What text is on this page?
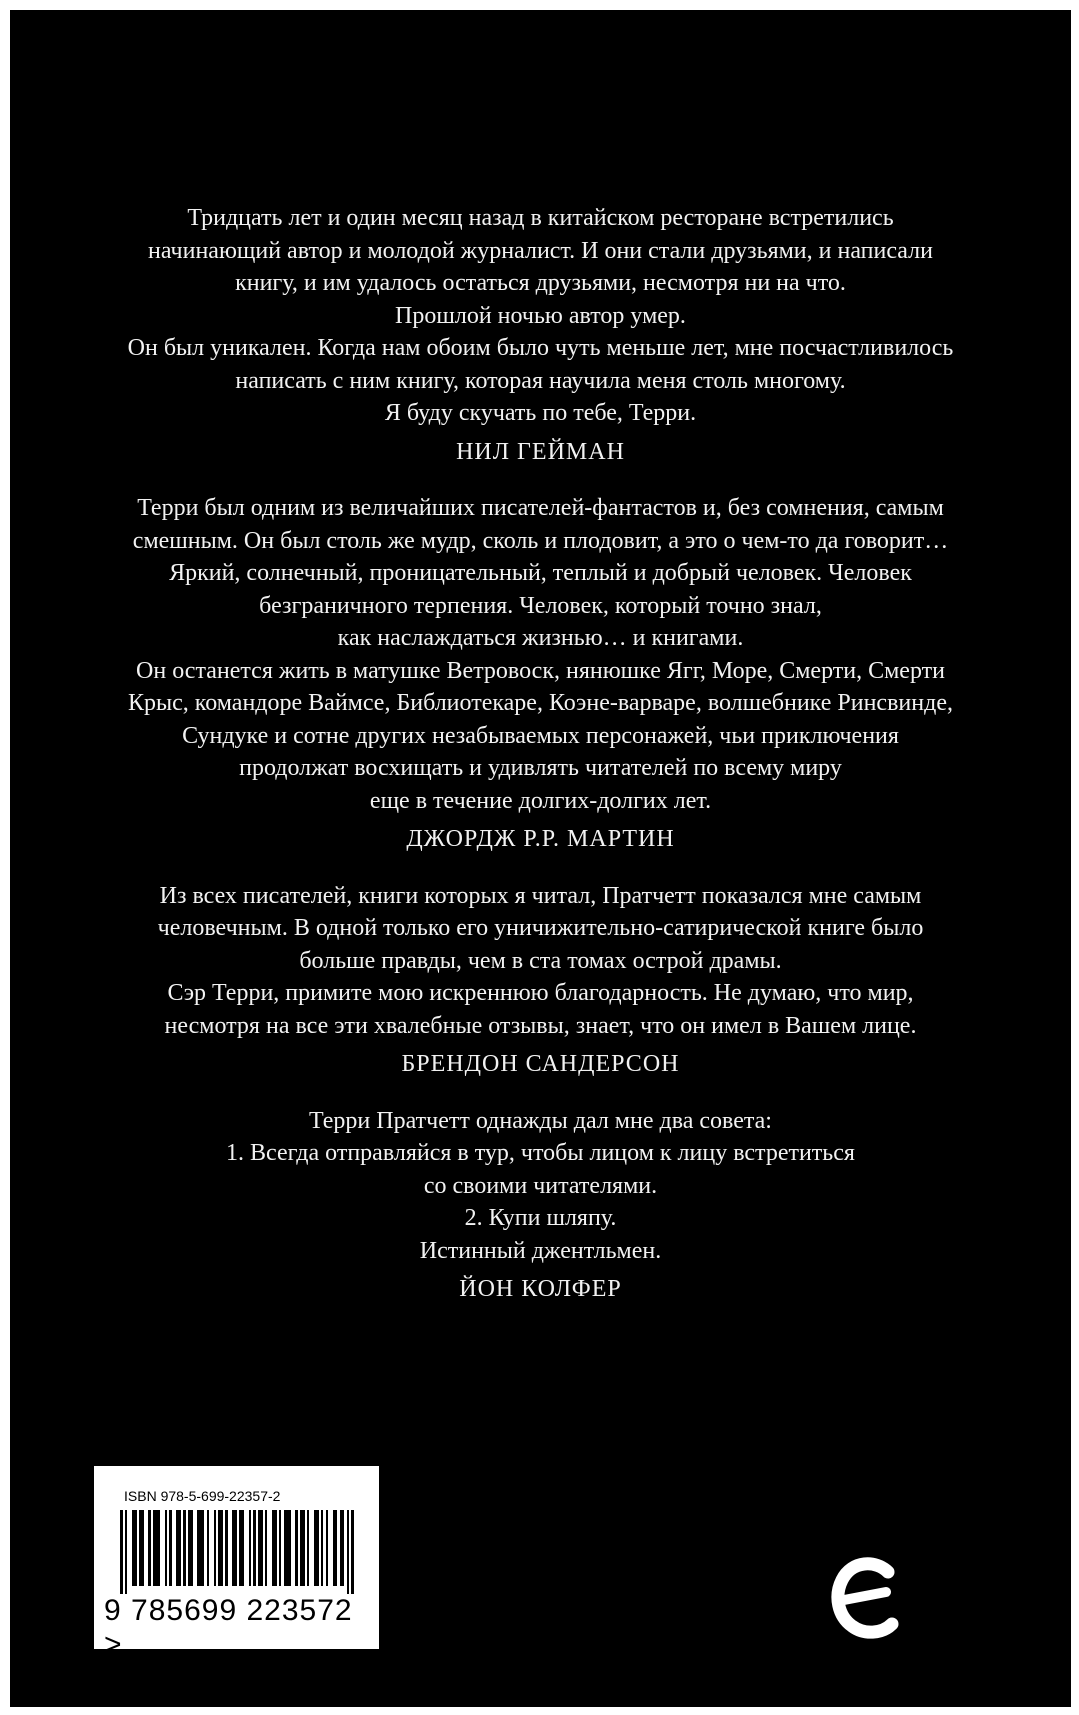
Тридцать лет и один месяц назад в китайском ресторане встретились

начинающий автор и молодой журналист. И они стали друзьями, и написали

книгу, и им удалось остаться друзьями, несмотря ни на что.

Прошлой ночью автор умер.

Он был уникален. Когда нам обоим было чуть меньше лет, мне посчастливилось

написать с ним книгу, которая научила меня столь многому.

Я буду скучать по тебе, Терри.

НИЛ ГЕЙМАН

Терри был одним из величайших писателей-фантастов и, без сомнения, самым

смешным. Он был столь же мудр, сколь и плодовит, а это о чем-то да говорит…

Яркий, солнечный, проницательный, теплый и добрый человек. Человек

безграничного терпения. Человек, который точно знал,

как наслаждаться жизнью… и книгами.

Он останется жить в матушке Ветровоск, нянюшке Ягг, Море, Смерти, Смерти

Крыс, командоре Ваймсе, Библиотекаре, Коэне-варваре, волшебнике Ринсвинде,

Сундуке и сотне других незабываемых персонажей, чьи приключения

продолжат восхищать и удивлять читателей по всему миру

еще в течение долгих-долгих лет.

ДЖОРДЖ Р.Р. МАРТИН

Из всех писателей, книги которых я читал, Пратчетт показался мне самым

человечным. В одной только его уничижительно-сатирической книге было

больше правды, чем в ста томах острой драмы.

Сэр Терри, примите мою искреннюю благодарность. Не думаю, что мир,

несмотря на все эти хвалебные отзывы, знает, что он имел в Вашем лице.

БРЕНДОН САНДЕРСОН

Терри Пратчетт однажды дал мне два совета:

1. Всегда отправляйся в тур, чтобы лицом к лицу встретиться

со своими читателями.

2. Купи шляпу.

Истинный джентльмен.

ЙОН КОЛФЕР
ISBN 978-5-699-22357-2
9 785699 223572 >
